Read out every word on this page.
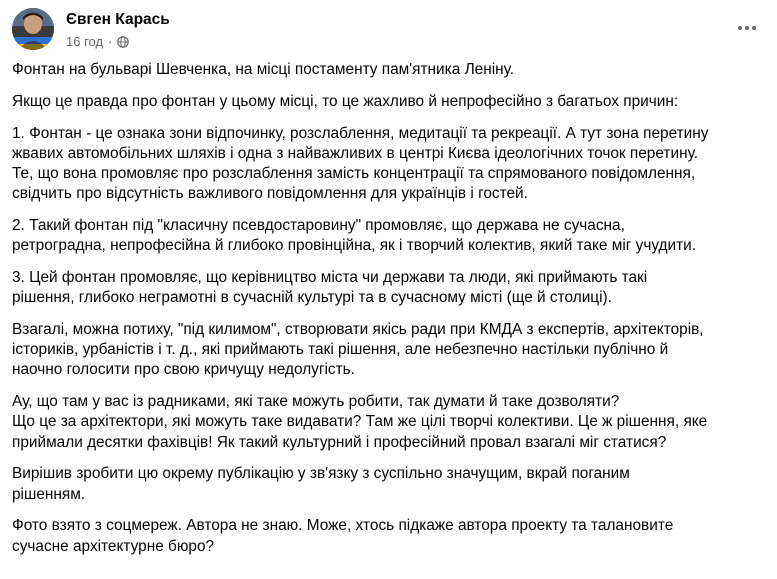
Євген Карась
16 год ·

Фонтан на бульварі Шевченка, на місці постаменту пам'ятника Леніну.

Якщо це правда про фонтан у цьому місці, то це жахливо й непрофесійно з багатьох причин:

1. Фонтан - це ознака зони відпочинку, розслаблення, медитації та рекреації. А тут зона перетину
жвавих автомобільних шляхів і одна з найважливих в центрі Києва ідеологічних точок перетину.
Те, що вона промовляє про розслаблення замість концентрації та спрямованого повідомлення,
свідчить про відсутність важливого повідомлення для українців і гостей.

2. Такий фонтан під "класичну псевдостаровину" промовляє, що держава не сучасна,
ретроградна, непрофесійна й глибоко провінційна, як і творчий колектив, який таке міг учудити.

3. Цей фонтан промовляє, що керівництво міста чи держави та люди, які приймають такі
рішення, глибоко неграмотні в сучасній культурі та в сучасному місті (ще й столиці).

Взагалі, можна потиху, "під килимом", створювати якісь ради при КМДА з експертів, архітекторів,
істориків, урбаністів і т. д., які приймають такі рішення, але небезпечно настільки публічно й
наочно голосити про свою кричущу недолугість.

Ау, що там у вас із радниками, які таке можуть робити, так думати й таке дозволяти?
Що це за архітектори, які можуть таке видавати? Там же цілі творчі колективи. Це ж рішення, яке
приймали десятки фахівців! Як такий культурний і професійний провал взагалі міг статися?

Вирішив зробити цю окрему публікацію у зв'язку з суспільно значущим, вкрай поганим
рішенням.

Фото взято з соцмереж. Автора не знаю. Може, хтось підкаже автора проекту та талановите
сучасне архітектурне бюро?
